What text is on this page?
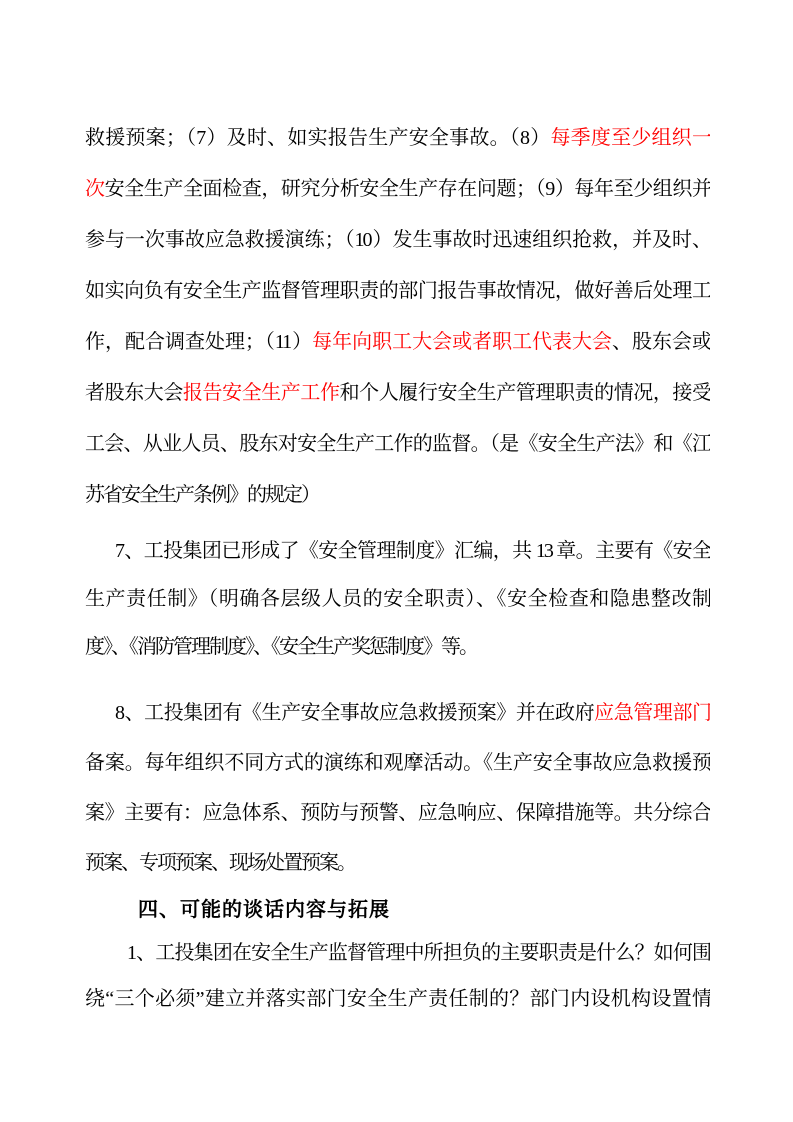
救援预案；（7）及时、如实报告生产安全事故。（8）每季度至少组织一
次安全生产全面检查，研究分析安全生产存在问题；（9）每年至少组织并
参与一次事故应急救援演练；（10）发生事故时迅速组织抢救，并及时、
如实向负有安全生产监督管理职责的部门报告事故情况，做好善后处理工
作，配合调查处理；（11）每年向职工大会或者职工代表大会、股东会或
者股东大会报告安全生产工作和个人履行安全生产管理职责的情况，接受
工会、从业人员、股东对安全生产工作的监督。（是《安全生产法》和《江
苏省安全生产条例》的规定）
7、工投集团已形成了《安全管理制度》汇编，共 13 章。主要有《安全
生产责任制》（明确各层级人员的安全职责）、《安全检查和隐患整改制
度》、《消防管理制度》、《安全生产奖惩制度》等。
8、工投集团有《生产安全事故应急救援预案》并在政府应急管理部门
备案。每年组织不同方式的演练和观摩活动。《生产安全事故应急救援预
案》主要有：应急体系、预防与预警、应急响应、保障措施等。共分综合
预案、专项预案、现场处置预案。
四、可能的谈话内容与拓展
1、工投集团在安全生产监督管理中所担负的主要职责是什么？如何围
绕“三个必须”建立并落实部门安全生产责任制的？部门内设机构设置情
